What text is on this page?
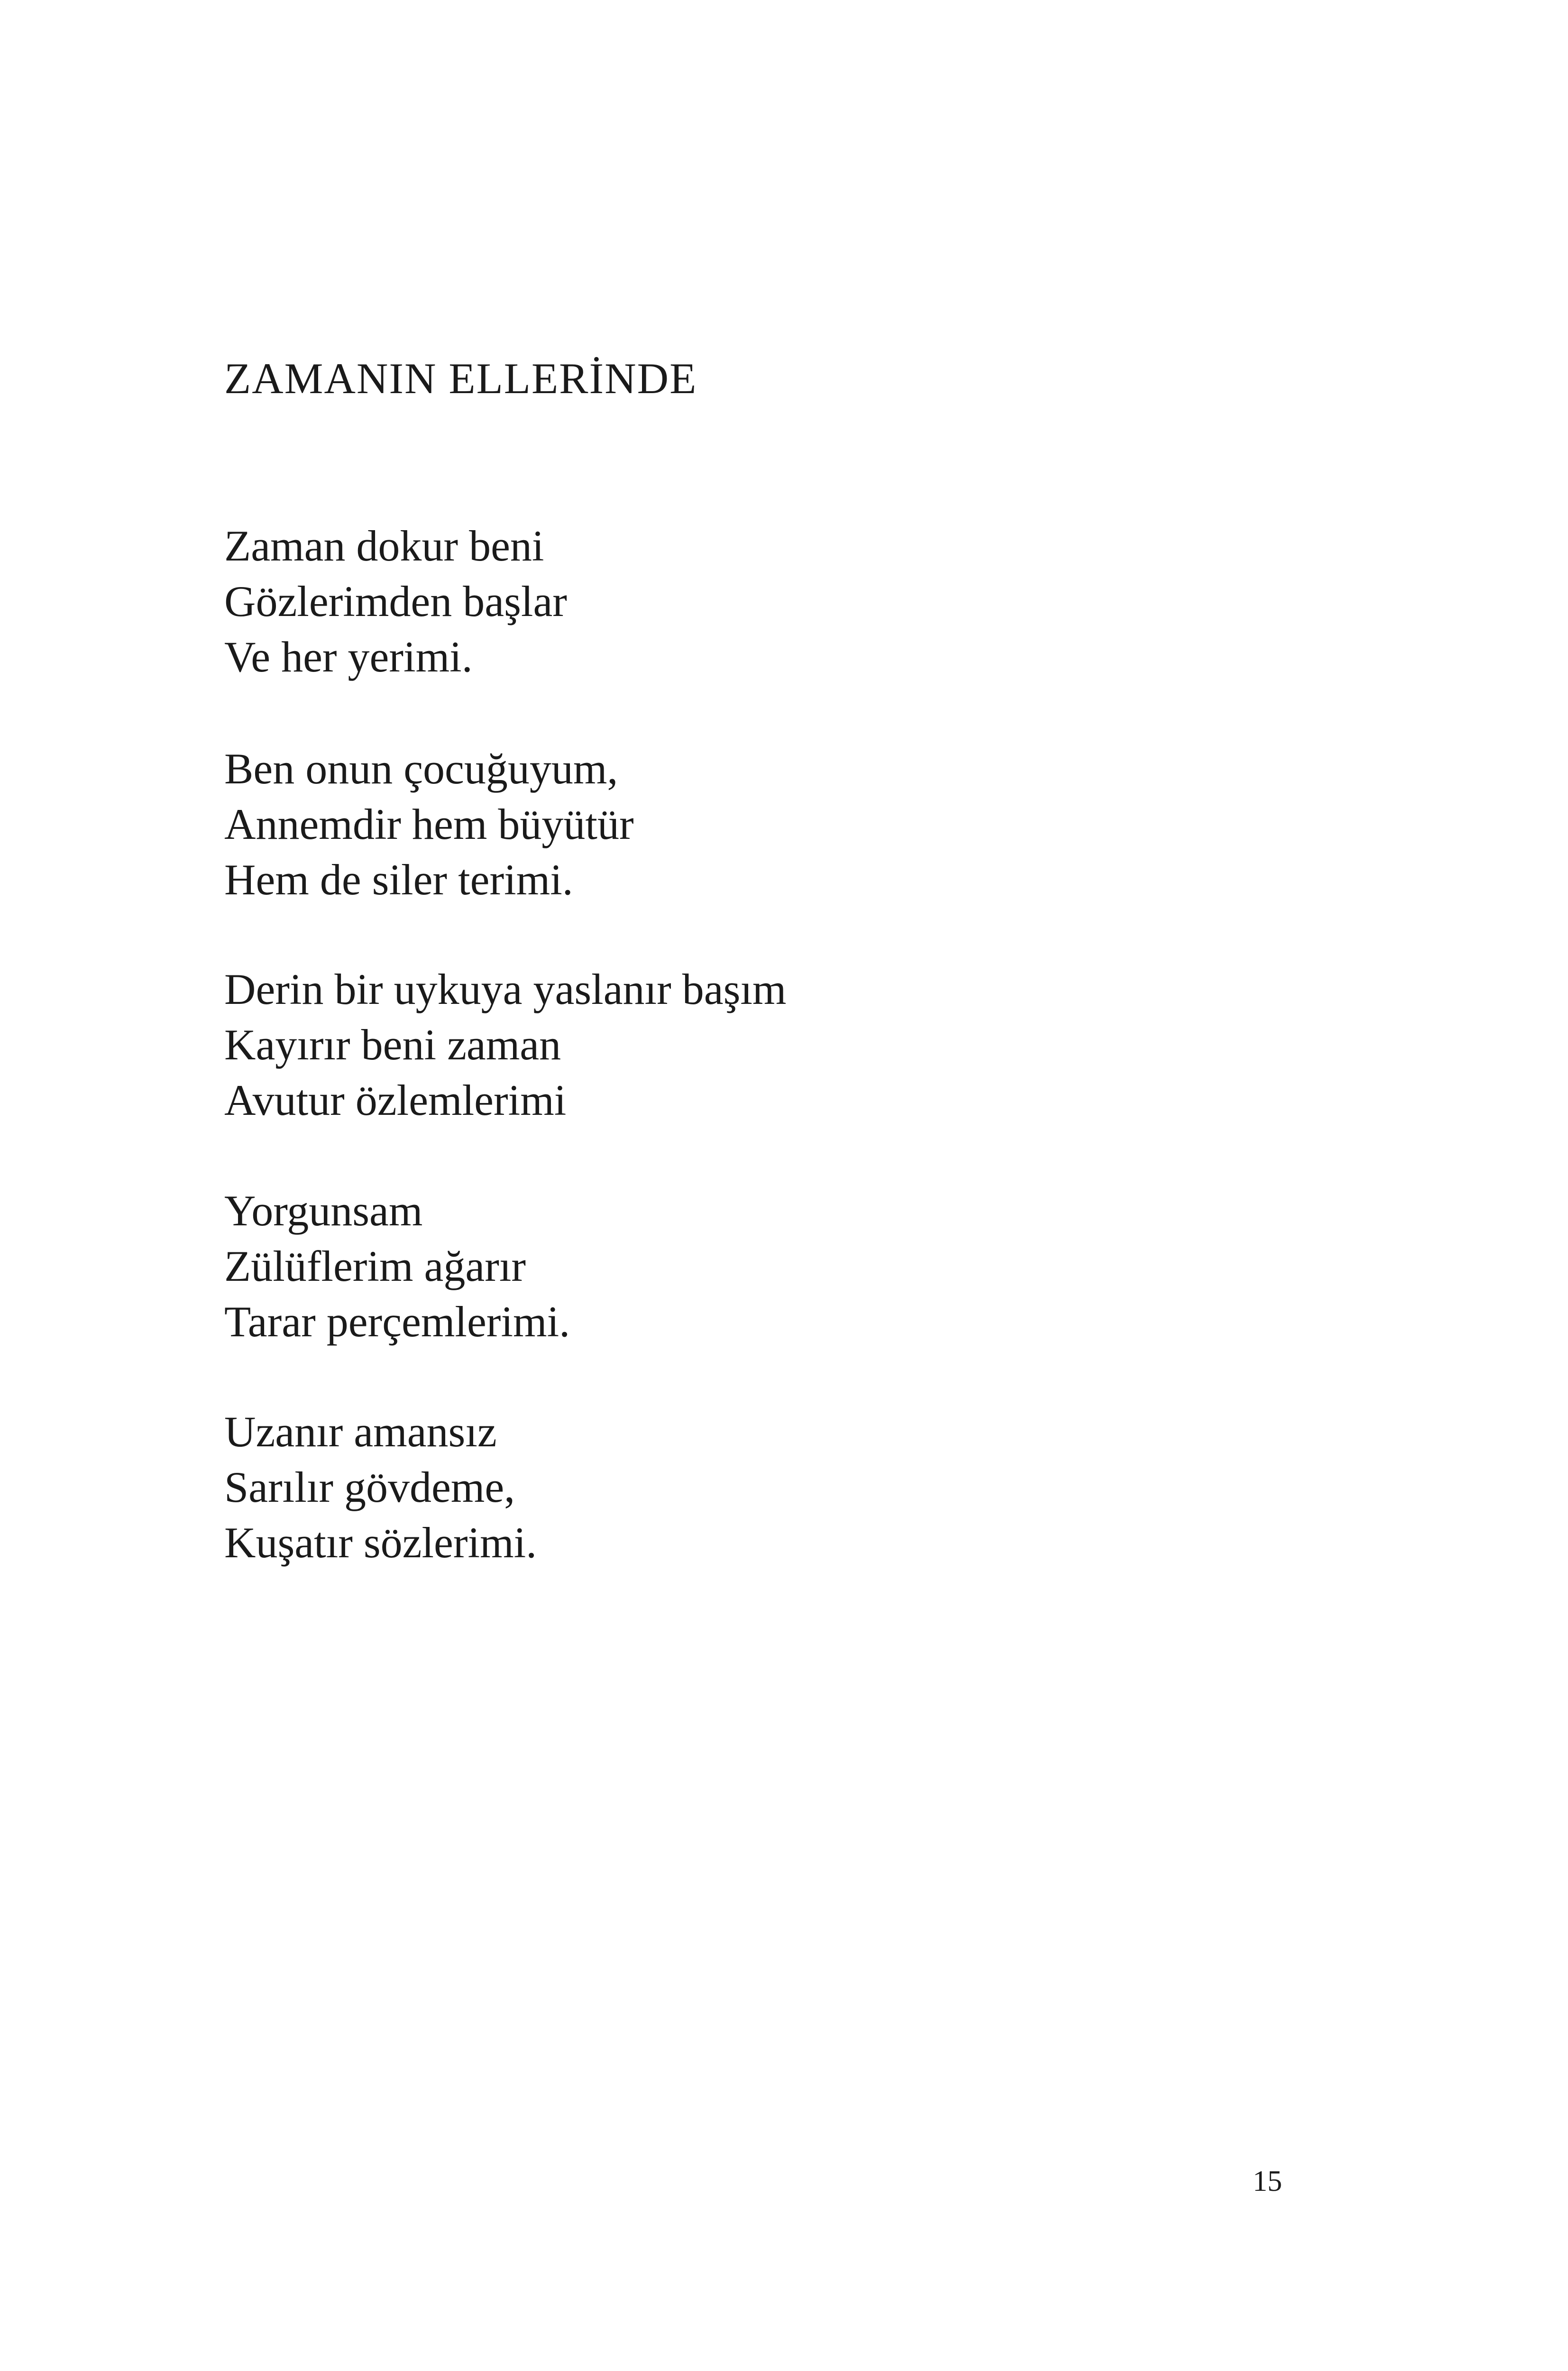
ZAMANIN ELLERİNDE
Zaman dokur beni
Gözlerimden başlar
Ve her yerimi.
Ben onun çocuğuyum,
Annemdir hem büyütür
Hem de siler terimi.
Derin bir uykuya yaslanır başım
Kayırır beni zaman
Avutur özlemlerimi
Yorgunsam
Zülüflerim ağarır
Tarar perçemlerimi.
Uzanır amansız
Sarılır gövdeme,
Kuşatır sözlerimi.
15
